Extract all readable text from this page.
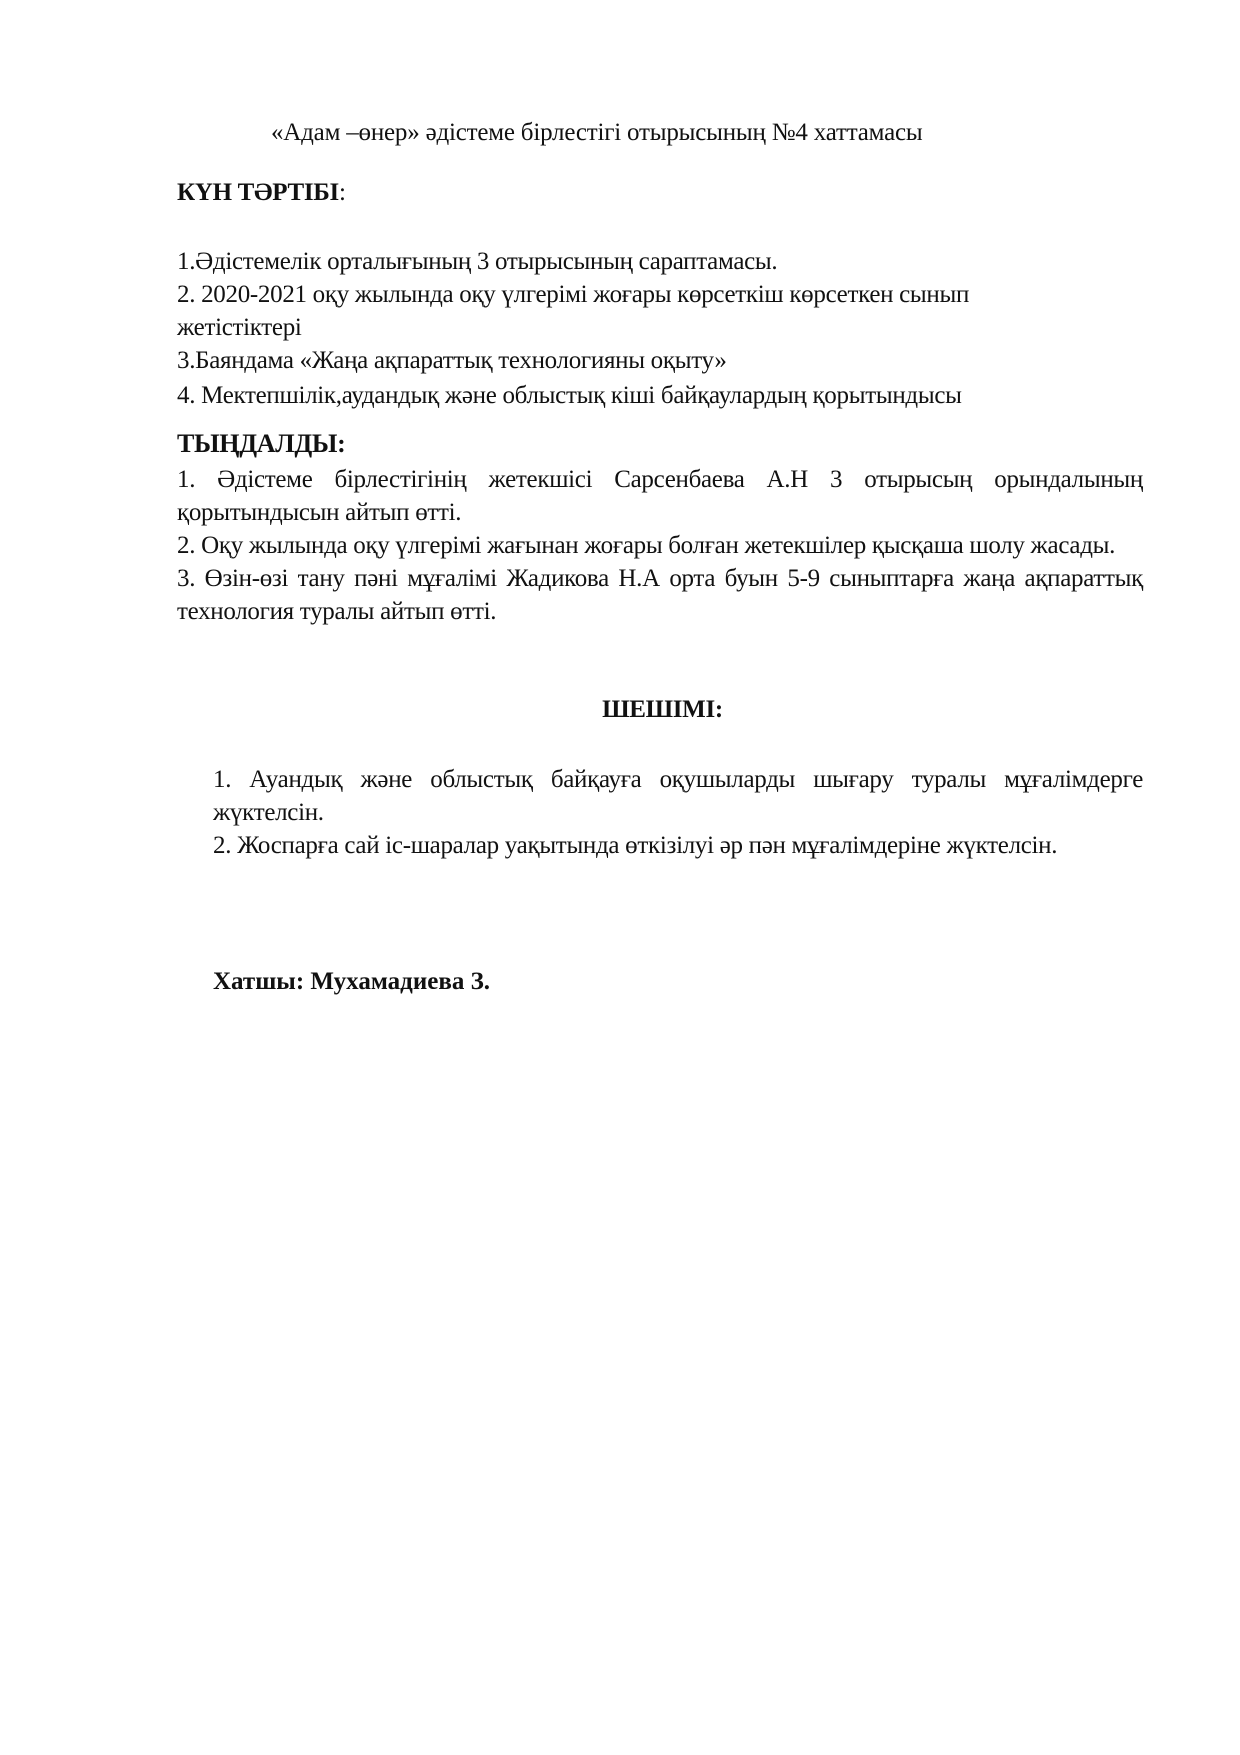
«Адам –өнер» әдістеме бірлестігі отырысының №4 хаттамасы
КҮН ТӘРТІБІ:

1.Әдістемелік орталығының 3 отырысының сараптамасы.

2. 2020-2021 оқу жылында оқу үлгерімі жоғары көрсеткіш көрсеткен сынып жетістіктері

3.Баяндама «Жаңа ақпараттық технологияны оқыту»

4. Мектепшілік,аудандық және облыстық кіші байқаулардың қорытындысы

ТЫҢДАЛДЫ:

1. Әдістеме бірлестігінің жетекшісі Сарсенбаева А.Н 3 отырысың орындалының қорытындысын айтып өтті.

2. Оқу жылында оқу үлгерімі жағынан жоғары болған жетекшілер қысқаша шолу жасады.

3. Өзін-өзі тану пәні мұғалімі Жадикова Н.А орта буын 5-9 сыныптарға жаңа ақпараттық технология туралы айтып өтті.

ШЕШІМІ:

1. Ауандық және облыстық байқауға оқушыларды шығару туралы мұғалімдерге жүктелсін.

2. Жоспарға сай іс-шаралар уақытында өткізілуі әр пән мұғалімдеріне жүктелсін.

Хатшы: Мухамадиева З.
